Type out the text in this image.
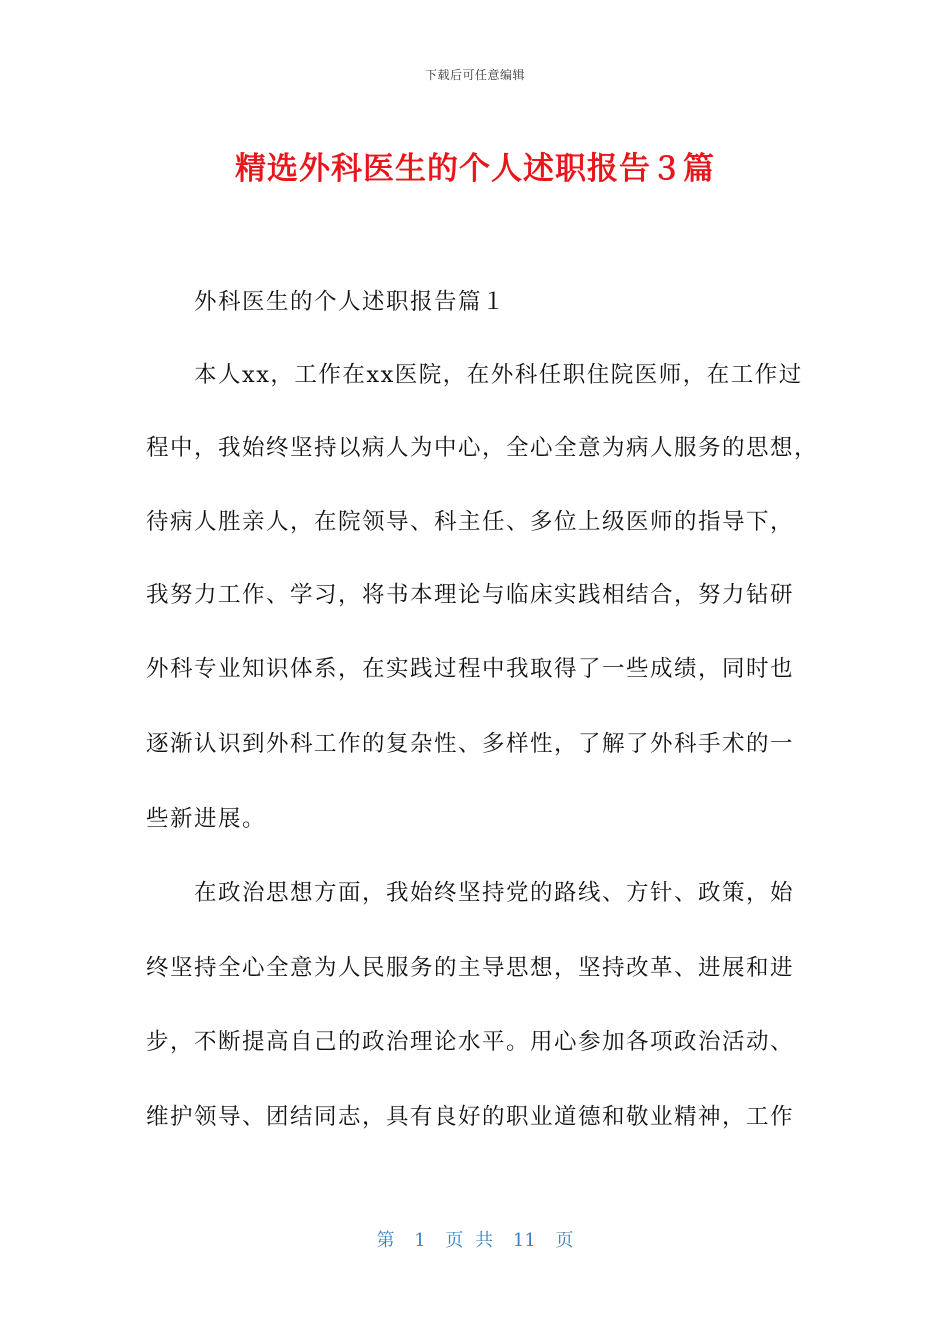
下载后可任意编辑
精选外科医生的个人述职报告３篇
　　外科医生的个人述职报告篇１
　　本人xx，工作在xx医院，在外科任职住院医师，在工作过
程中，我始终坚持以病人为中心，全心全意为病人服务的思想，
待病人胜亲人，在院领导、科主任、多位上级医师的指导下，
我努力工作、学习，将书本理论与临床实践相结合，努力钻研
外科专业知识体系，在实践过程中我取得了一些成绩，同时也
逐渐认识到外科工作的复杂性、多样性，了解了外科手术的一
些新进展。
　　在政治思想方面，我始终坚持党的路线、方针、政策，始
终坚持全心全意为人民服务的主导思想，坚持改革、进展和进
步，不断提高自己的政治理论水平。用心参加各项政治活动、
维护领导、团结同志，具有良好的职业道德和敬业精神，工作
第 1 页 共 11 页
